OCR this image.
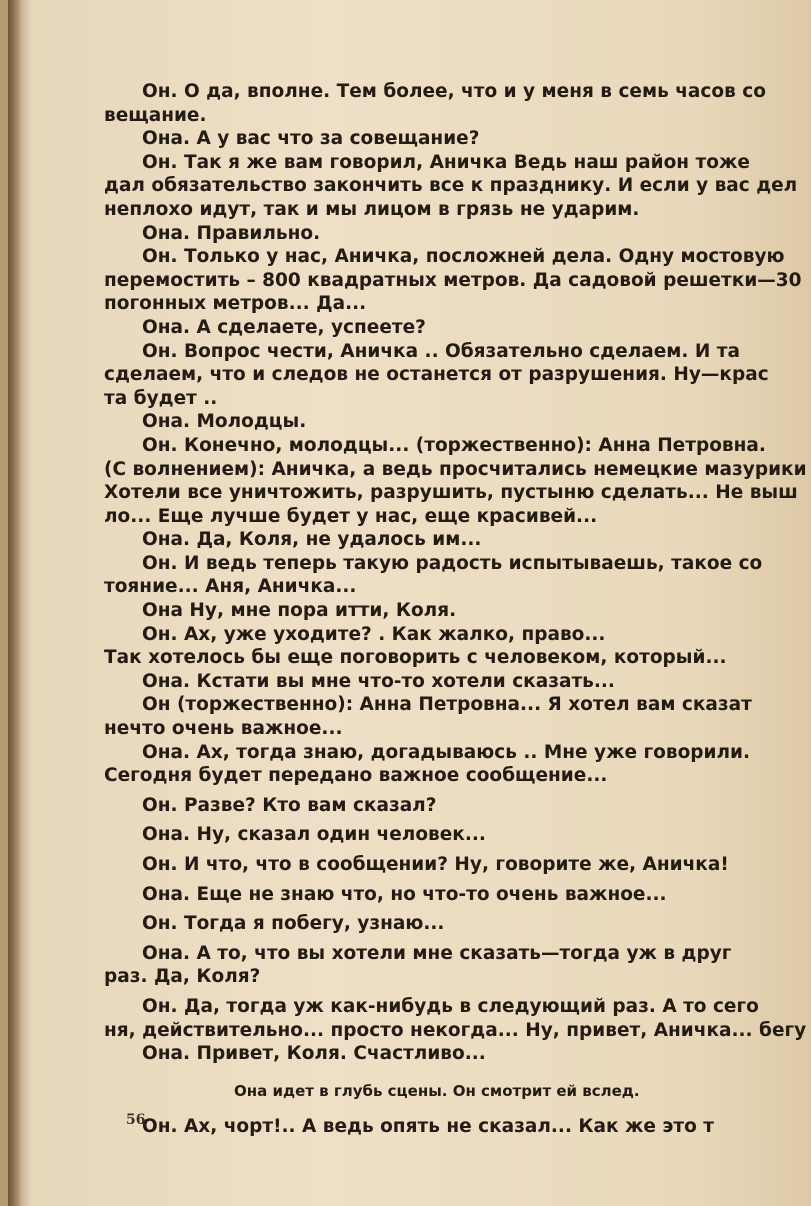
Он. О да, вполне. Тем более, что и у меня в семь часов со
вещание.
Она. А у вас что за совещание?
Он. Так я же вам говорил, Аничка Ведь наш район тоже
дал обязательство закончить все к празднику. И если у вас дел
неплохо идут, так и мы лицом в грязь не ударим.
Она. Правильно.
Он. Только у нас, Аничка, посложней дела. Одну мостовую
перемостить – 800 квадратных метров. Да садовой решетки—30
погонных метров... Да...
Она. А сделаете, успеете?
Он. Вопрос чести, Аничка .. Обязательно сделаем. И та
сделаем, что и следов не останется от разрушения. Ну—крас
та будет ..
Она. Молодцы.
Он. Конечно, молодцы... (торжественно): Анна Петровна.
(С волнением): Аничка, а ведь просчитались немецкие мазурики
Хотели все уничтожить, разрушить, пустыню сделать... Не выш
ло... Еще лучше будет у нас, еще красивей...
Она. Да, Коля, не удалось им...
Он. И ведь теперь такую радость испытываешь, такое со
тояние... Аня, Аничка...
Она Ну, мне пора итти, Коля.
Он. Ах, уже уходите? . Как жалко, право...
Так хотелось бы еще поговорить с человеком, который...
Она. Кстати вы мне что-то хотели сказать...
Он (торжественно): Анна Петровна... Я хотел вам сказат
нечто очень важное...
Она. Ах, тогда знаю, догадываюсь .. Мне уже говорили.
Сегодня будет передано важное сообщение...
Он. Разве? Кто вам сказал?
Она. Ну, сказал один человек...
Он. И что, что в сообщении? Ну, говорите же, Аничка!
Она. Еще не знаю что, но что-то очень важное...
Он. Тогда я побегу, узнаю...
Она. А то, что вы хотели мне сказать—тогда уж в друг
раз. Да, Коля?
Он. Да, тогда уж как-нибудь в следующий раз. А то сего
ня, действительно... просто некогда... Ну, привет, Аничка... бегу
Она. Привет, Коля. Счастливо...
Она идет в глубь сцены. Он смотрит ей вслед.
Он. Ах, чорт!.. А ведь опять не сказал... Как же это т
56
